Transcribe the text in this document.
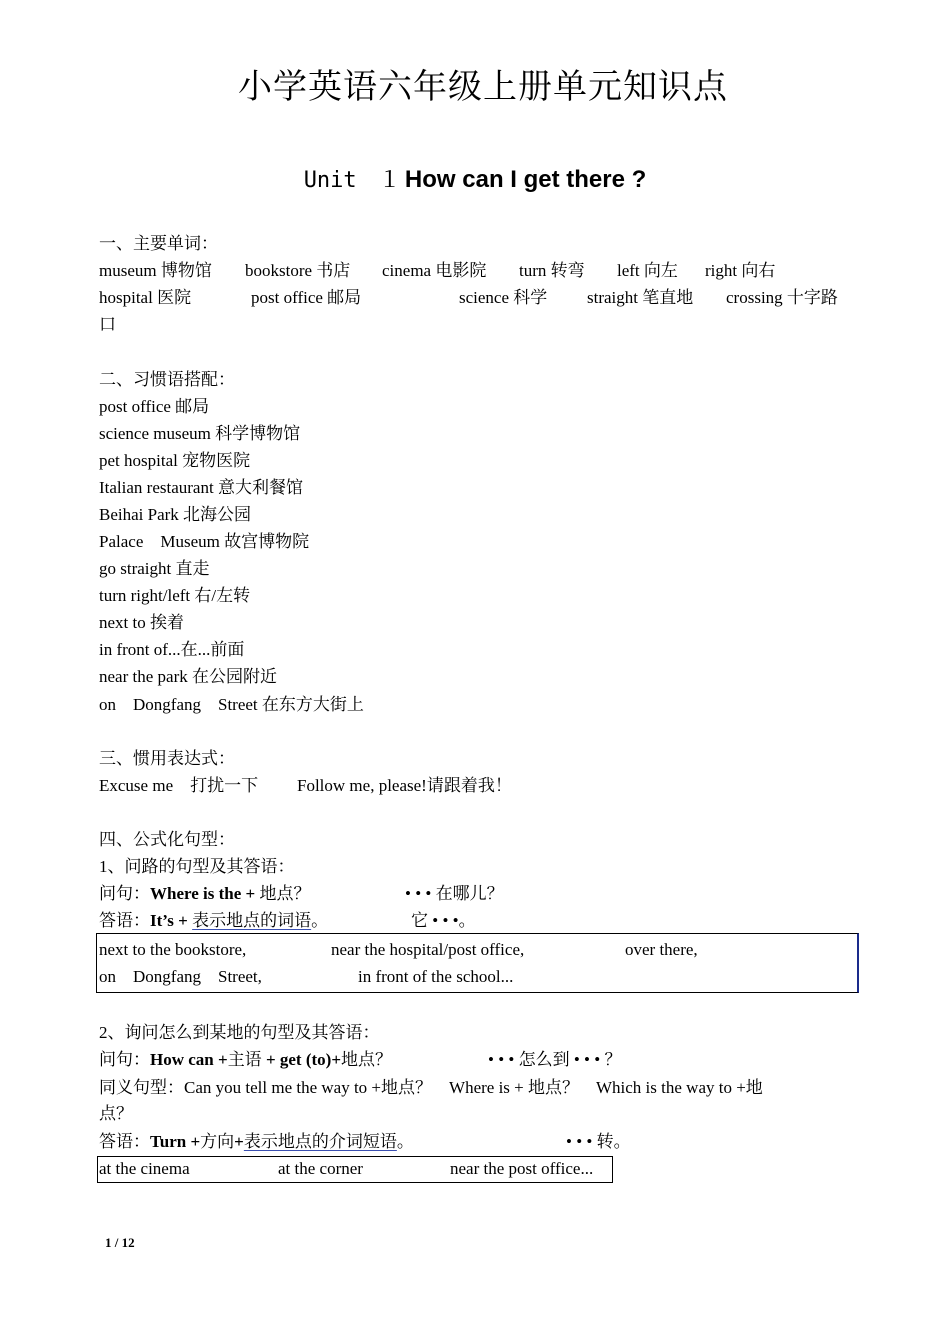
小学英语六年级上册单元知识点
Unit　１ How can I get there ?
一、主要单词：
museum 博物馆 bookstore 书店 cinema 电影院 turn 转弯 left 向左 right 向右
hospital 医院	post office 邮局	science 科学 straight 笔直地 crossing 十字路
口
二、习惯语搭配：
post office 邮局
science museum 科学博物馆
pet hospital 宠物医院
Italian restaurant 意大利餐馆
Beihai Park 北海公园
Palace　Museum 故宫博物院
go straight 直走
turn right/left 右/左转
next to 挨着
in front of...在...前面
near the park 在公园附近
on　Dongfang　Street 在东方大街上
三、惯用表达式：
Excuse me　打扰一下 Follow me, please!请跟着我！
四、公式化句型：
1、问路的句型及其答语：
问句：Where is the + 地点？	• • • 在哪儿？
答语：It’s + 表示地点的词语。	它 • • •。
next to the bookstore,	near the hospital/post office,	over there,
on　Dongfang　Street,	in front of the school...
2、询问怎么到某地的句型及其答语：
问句：How can +主语 + get (to)+地点？	• • • 怎么到 • • • ？
同义句型：Can you tell me the way to +地点？　Where is + 地点？　Which is the way to +地
点？
答语：Turn +方向+表示地点的介词短语。	• • • 转。
at the cinema	at the corner	near the post office...
1 / 12
